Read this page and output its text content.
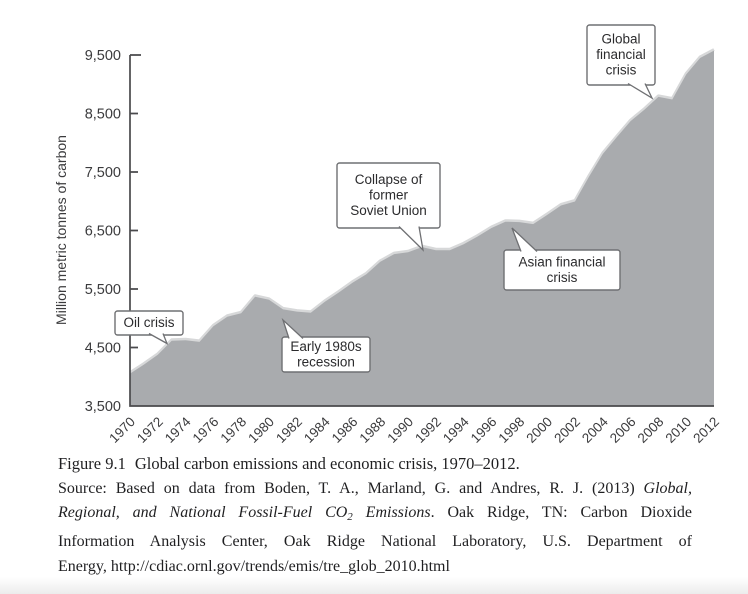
3,500
4,500
5,500
6,500
7,500
8,500
9,500
Million metric tonnes of carbon
1970
1972
1974
1976
1978
1980
1982
1984
1986
1988
1990
1992
1994
1996
1998
2000
2002
2004
2006
2008
2010
2012
Oil crisis
Early 1980s
recession
Collapse of
former
Soviet Union
Asian financial
crisis
Global
financial
crisis

Figure 9.1 Global carbon emissions and economic crisis, 1970–2012.

Source: Based on data from Boden, T. A., Marland, G. and Andres, R. J. (2013) Global,
Regional, and National Fossil-Fuel $CO_2$ Emissions. Oak Ridge, TN: Carbon Dioxide
Information Analysis Center, Oak Ridge National Laboratory, U.S. Department of
Energy, http://cdiac.ornl.gov/trends/emis/tre_glob_2010.html
